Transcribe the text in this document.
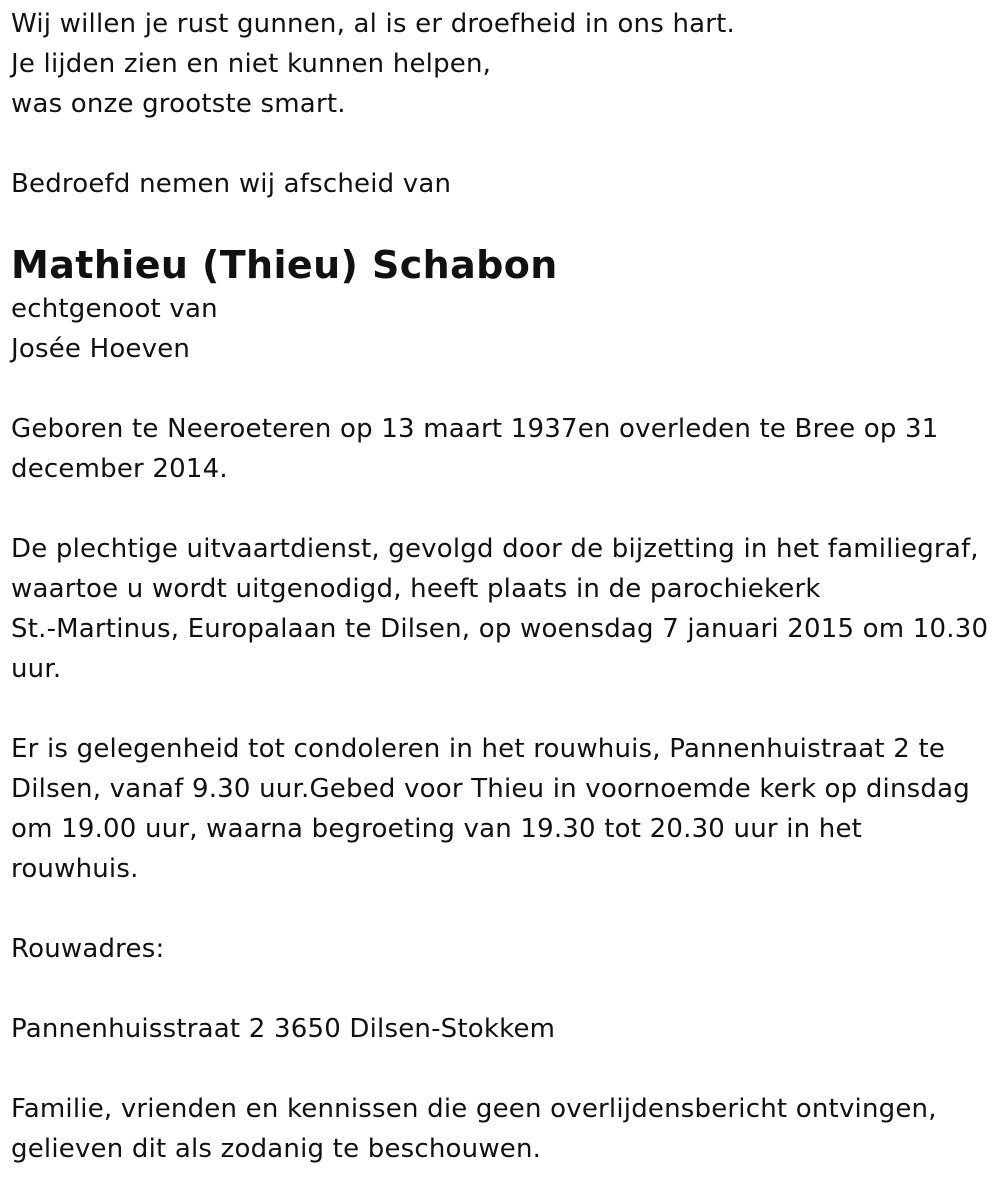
Wij willen je rust gunnen, al is er droefheid in ons hart.
Je lijden zien en niet kunnen helpen,
was onze grootste smart.
Bedroefd nemen wij afscheid van
Mathieu (Thieu) Schabon
echtgenoot van
Josée Hoeven
Geboren te Neeroeteren op 13 maart 1937en overleden te Bree op 31
december 2014.
De plechtige uitvaartdienst, gevolgd door de bijzetting in het familiegraf,
waartoe u wordt uitgenodigd, heeft plaats in de parochiekerk
St.-Martinus, Europalaan te Dilsen, op woensdag 7 januari 2015 om 10.30
uur.
Er is gelegenheid tot condoleren in het rouwhuis, Pannenhuistraat 2 te
Dilsen, vanaf 9.30 uur.Gebed voor Thieu in voornoemde kerk op dinsdag
om 19.00 uur, waarna begroeting van 19.30 tot 20.30 uur in het
rouwhuis.
Rouwadres:
Pannenhuisstraat 2 3650 Dilsen-Stokkem
Familie, vrienden en kennissen die geen overlijdensbericht ontvingen,
gelieven dit als zodanig te beschouwen.
